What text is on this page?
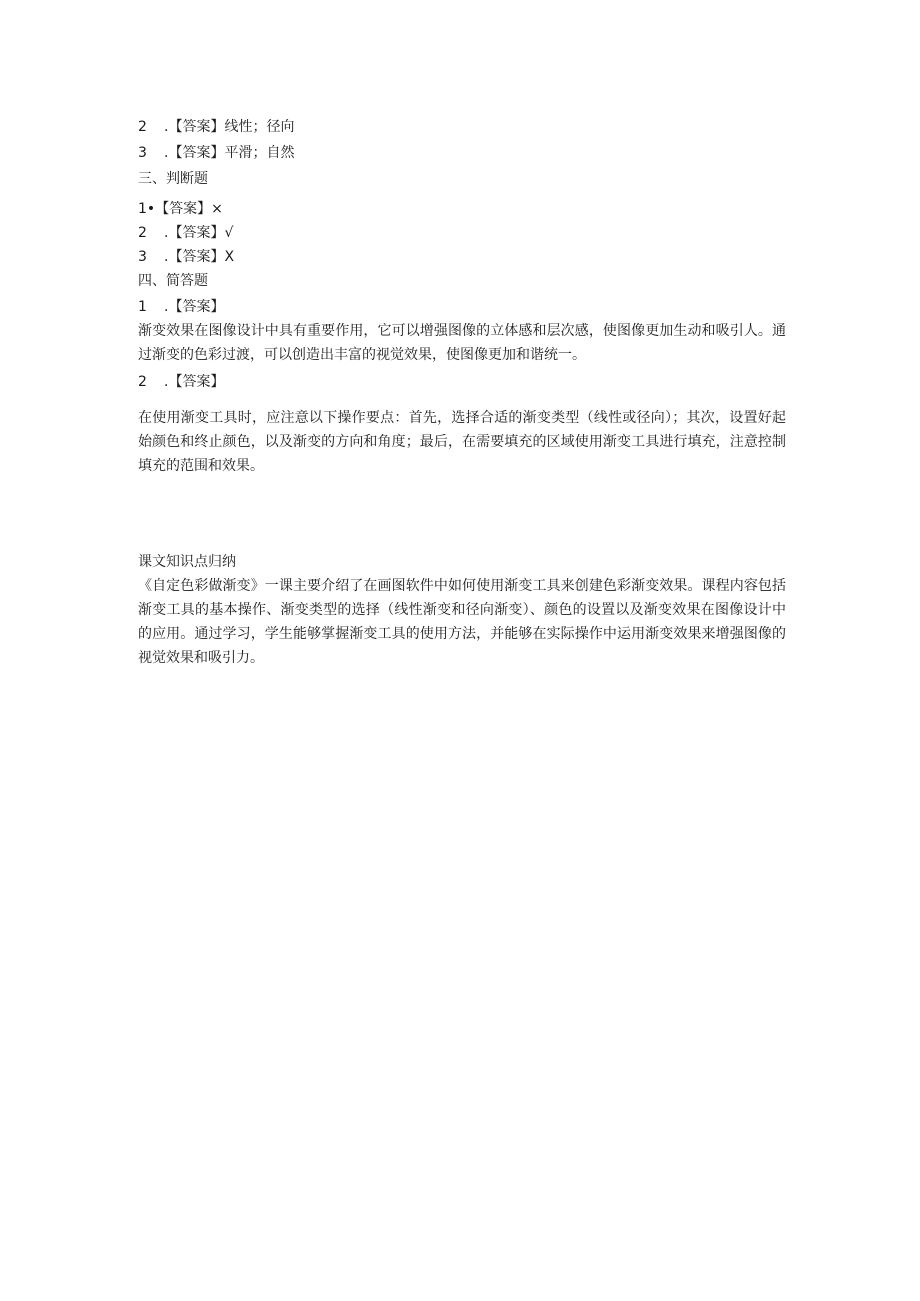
2 .【答案】线性；径向
3 .【答案】平滑；自然
三、判断题
1•【答案】×
2 .【答案】√
3 .【答案】X
四、简答题
1 .【答案】
渐变效果在图像设计中具有重要作用，它可以增强图像的立体感和层次感，使图像更加生动和吸引人。通过渐变的色彩过渡，可以创造出丰富的视觉效果，使图像更加和谐统一。
2 .【答案】
在使用渐变工具时，应注意以下操作要点：首先，选择合适的渐变类型（线性或径向）；其次，设置好起始颜色和终止颜色，以及渐变的方向和角度；最后，在需要填充的区域使用渐变工具进行填充，注意控制填充的范围和效果。
课文知识点归纳
《自定色彩做渐变》一课主要介绍了在画图软件中如何使用渐变工具来创建色彩渐变效果。课程内容包括渐变工具的基本操作、渐变类型的选择（线性渐变和径向渐变）、颜色的设置以及渐变效果在图像设计中的应用。通过学习，学生能够掌握渐变工具的使用方法，并能够在实际操作中运用渐变效果来增强图像的视觉效果和吸引力。
